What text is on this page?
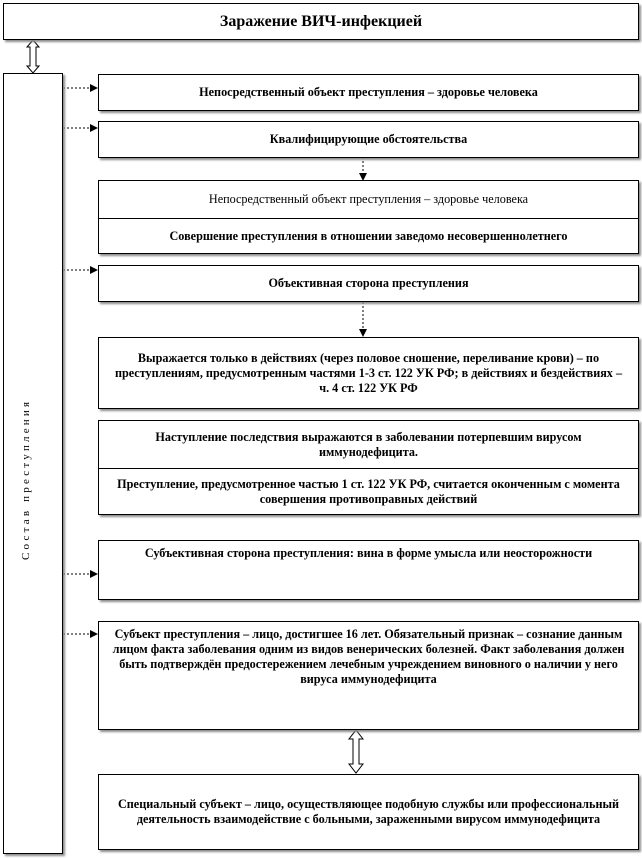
Заражение ВИЧ-инфекцией
Состав преступления
Непосредственный объект преступления – здоровье человека
Квалифицирующие обстоятельства
Непосредственный объект преступления – здоровье человека
Совершение преступления в отношении заведомо несовершеннолетнего
Объективная сторона преступления
Выражается только в действиях (через половое сношение, переливание крови) – по преступлениям, предусмотренным частями 1-3 ст. 122 УК РФ; в действиях и бездействиях – ч. 4 ст. 122 УК РФ
Наступление последствия выражаются в заболевании потерпевшим вирусом иммунодефицита.
Преступление, предусмотренное частью 1 ст. 122 УК РФ, считается оконченным с момента совершения противоправных действий
Субъективная сторона преступления: вина в форме умысла или неосторожности
Субъект преступления – лицо, достигшее 16 лет. Обязательный признак – сознание данным лицом факта заболевания одним из видов венерических болезней. Факт заболевания должен быть подтверждён предостережением лечебным учреждением виновного о наличии у него вируса иммунодефицита
Специальный субъект – лицо, осуществляющее подобную службы или профессиональный деятельность взаимодействие с больными, зараженными вирусом иммунодефицита
